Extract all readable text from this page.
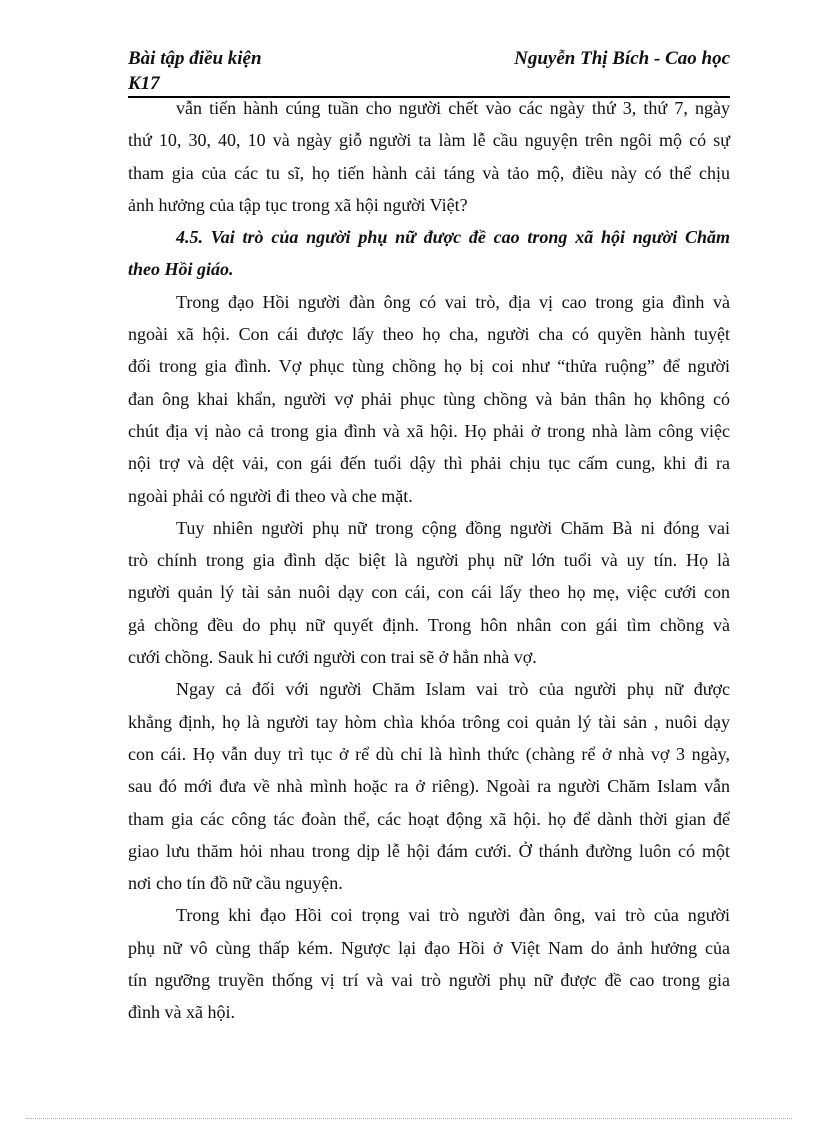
Bài tập điều kiện	Nguyễn Thị Bích - Cao học
K17
vẫn tiến hành cúng tuần cho người chết vào các ngày thứ 3, thứ 7, ngày
thứ 10, 30, 40, 10 và ngày giỗ người ta làm lễ cầu nguyện trên ngôi mộ có sự
tham gia của các tu sĩ, họ tiến hành cải táng và tảo mộ, điều này có thể chịu
ảnh hưởng của tập tục trong xã hội người Việt?
4.5. Vai trò của người phụ nữ được đề cao trong xã hội người Chăm
theo Hồi giáo.
Trong đạo Hồi người đàn ông có vai trò, địa vị cao trong gia đình và
ngoài xã hội. Con cái được lấy theo họ cha, người cha có quyền hành tuyệt
đối trong gia đình. Vợ phục tùng chồng họ bị coi như “thửa ruộng” để người
đan ông khai khẩn, người vợ phải phục tùng chồng và bản thân họ không có
chút địa vị nào cả trong gia đình và xã hội. Họ phải ở trong nhà làm công việc
nội trợ và dệt vải, con gái đến tuổi dậy thì phải chịu tục cấm cung, khi đi ra
ngoài phải có người đi theo và che mặt.
Tuy nhiên người phụ nữ trong cộng đồng người Chăm Bà ni đóng vai
trò chính trong gia đình dặc biệt là người phụ nữ lớn tuổi và uy tín. Họ là
người quản lý tài sản nuôi dạy con cái, con cái lấy theo họ mẹ, việc cưới con
gả chồng đều do phụ nữ quyết định. Trong hôn nhân con gái tìm chồng và
cưới chồng. Sauk hi cưới người con trai sẽ ở hẳn nhà vợ.
Ngay cả đối với người Chăm Islam vai trò của người phụ nữ được
khẳng định, họ là người tay hòm chìa khóa trông coi quản lý tài sản , nuôi dạy
con cái. Họ vẫn duy trì tục ở rể dù chỉ là hình thức (chàng rể ở nhà vợ 3 ngày,
sau đó mới đưa về nhà mình hoặc ra ở riêng). Ngoài ra người Chăm Islam vẫn
tham gia các công tác đoàn thể, các hoạt động xã hội. họ để dành thời gian để
giao lưu thăm hỏi nhau trong dịp lễ hội đám cưới. Ở thánh đường luôn có một
nơi cho tín đồ nữ cầu nguyện.
Trong khi đạo Hồi coi trọng vai trò người đàn ông, vai trò của người
phụ nữ vô cùng thấp kém. Ngược lại đạo Hồi ở Việt Nam do ảnh hưởng của
tín ngưỡng truyền thống vị trí và vai trò người phụ nữ được đề cao trong gia
đình và xã hội.
